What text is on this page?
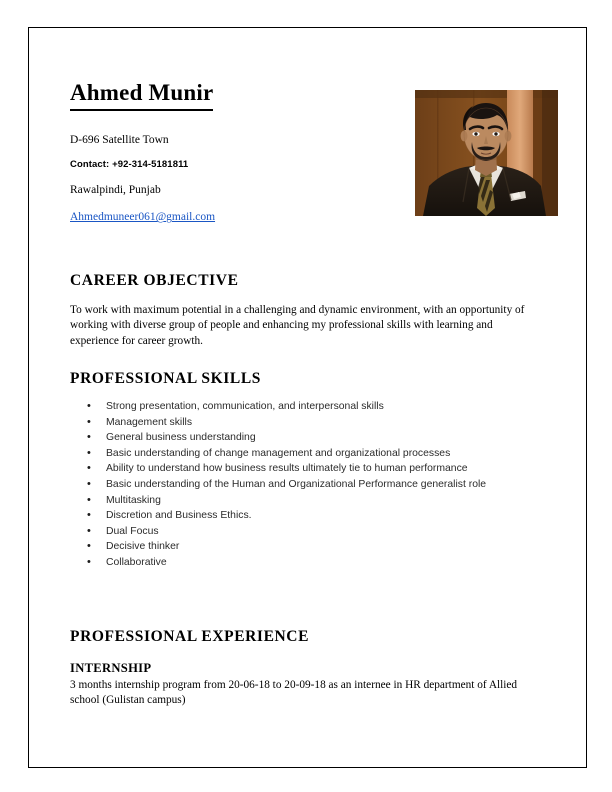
Ahmed Munir

D-696 Satellite Town

Contact: +92-314-5181811

Rawalpindi, Punjab

Ahmedmuneer061@gmail.com

CAREER OBJECTIVE

To work with maximum potential in a challenging and dynamic environment, with an opportunity of working with diverse group of people and enhancing my professional skills with learning and experience for career growth.

PROFESSIONAL SKILLS
• Strong presentation, communication, and interpersonal skills
• Management skills
• General business understanding
• Basic understanding of change management and organizational processes
• Ability to understand how business results ultimately tie to human performance
• Basic understanding of the Human and Organizational Performance generalist role
• Multitasking
• Discretion and Business Ethics.
• Dual Focus
• Decisive thinker
• Collaborative
PROFESSIONAL EXPERIENCE

INTERNSHIP

3 months internship program from 20-06-18 to 20-09-18 as an internee in HR department of Allied school (Gulistan campus)
